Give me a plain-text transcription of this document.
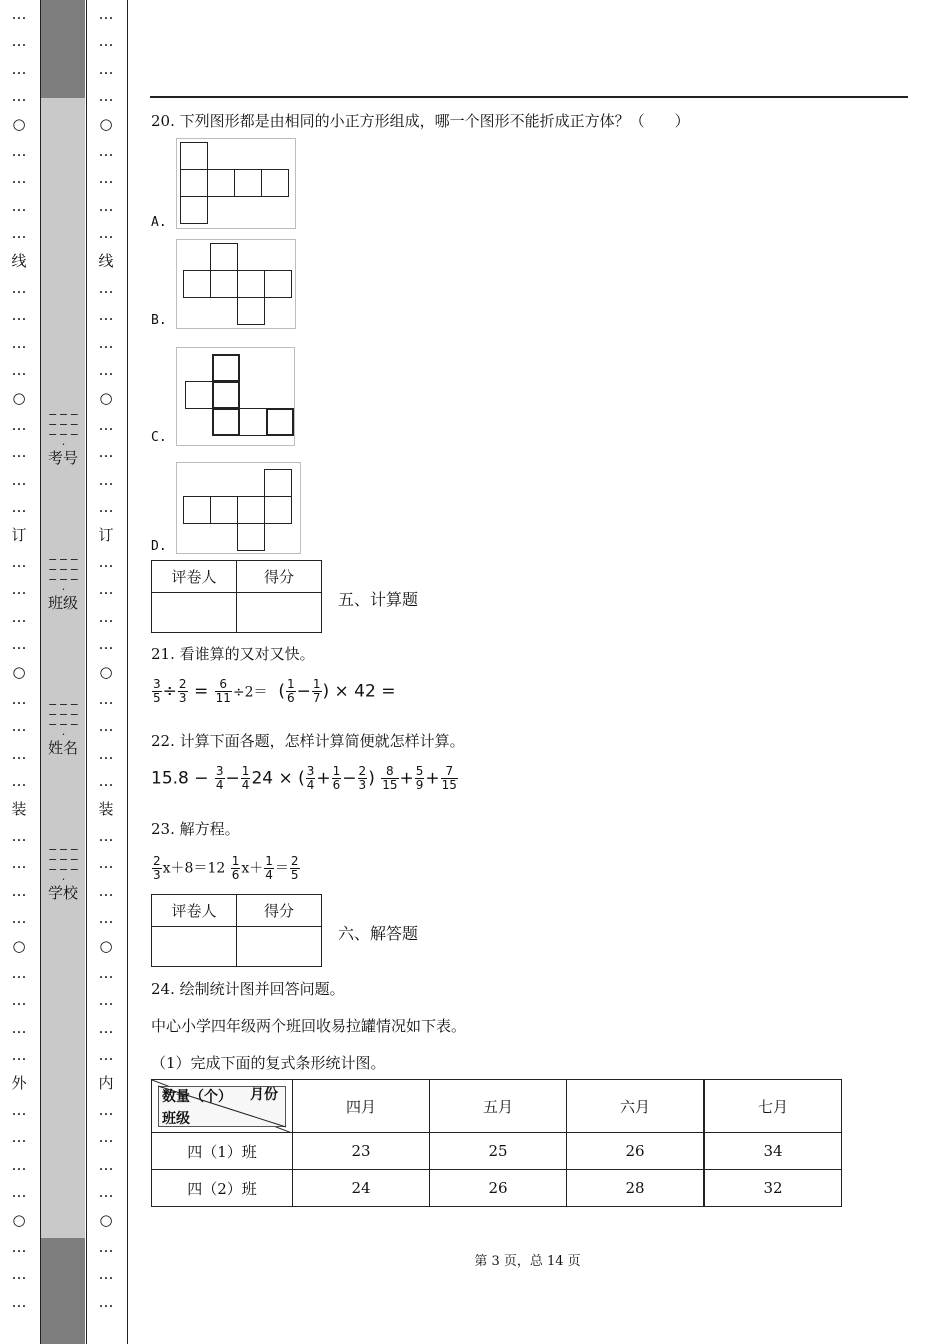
…
…
…
…
○
…
…
…
…
线
…
…
…
…
○
…
…
…
…
订
…
…
…
…
○
…
…
…
…
装
…
…
…
…
○
…
…
…
…
外
…
…
…
…
○
…
…
…
…
…
…
…
○
…
…
…
…
线
…
…
…
…
○
…
…
…
…
订
…
…
…
…
○
…
…
…
…
装
…
…
…
…
○
…
…
…
…
内
…
…
…
…
○
…
…
…
− − − − − − − − − ·
考号
− − − − − − − − − ·
班级
− − − − − − − − − ·
姓名
− − − − − − − − − ·
学校
20. 下列图形都是由相同的小正方形组成，哪一个图形不能折成正方体？（　　）
A.
B.
C.
D.
评卷人	得分

五、计算题
21. 看谁算的又对又快。
$\frac{3}{5} \div \frac{2}{3} = \frac{6}{11} \div 2=$ ( $\frac{1}{6} - \frac{1}{7}$ ) × 42 =
22. 计算下面各题，怎样计算简便就怎样计算。
$15.8 - \frac{3}{4} - \frac{1}{4} 24$ × ( $\frac{3}{4} + \frac{1}{6} - \frac{2}{3}$ ) $\frac{8}{15} + \frac{5}{9} + \frac{7}{15}$
23. 解方程。
$\frac{2}{3} x+8=12 \frac{1}{6} x+ \frac{1}{4} = \frac{2}{5}$
评卷人	得分

六、解答题
24. 绘制统计图并回答问题。
中心小学四年级两个班回收易拉罐情况如下表。
（1）完成下面的复式条形统计图。
数量（个） 月份
班级	四月	五月	六月	七月
四（1）班	23	25	26	34
四（2）班	24	26	28	32
第 3 页，总 14 页
